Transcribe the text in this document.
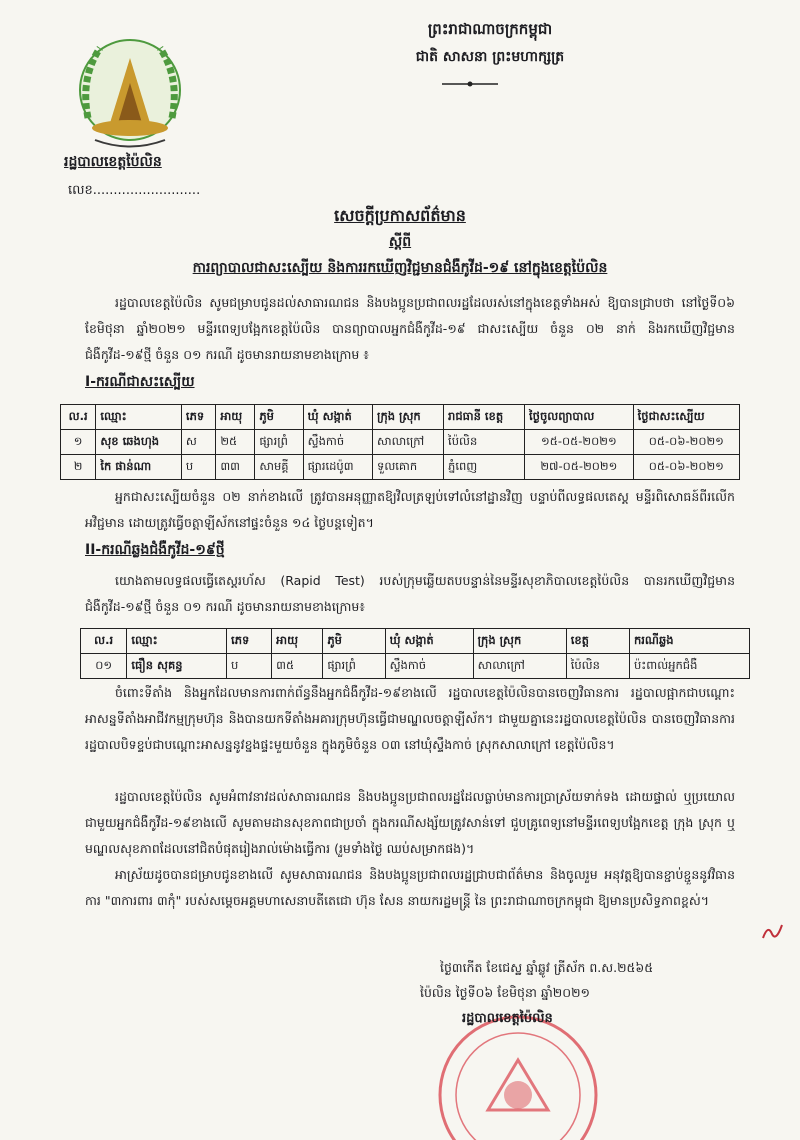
រដ្ឋបាលខេត្តប៉ៃលិន
លេខ..........................
ព្រះរាជាណាចក្រកម្ពុជា
ជាតិ សាសនា ព្រះមហាក្សត្រ
សេចក្តីប្រកាសព័ត៌មាន
ស្តីពី
ការព្យាបាលជាសះស្បើយ និងការរកឃើញវិជ្ជមានជំងឺកូវីដ-១៩ នៅក្នុងខេត្តប៉ៃលិន
រដ្ឋបាលខេត្តប៉ៃលិន សូមជម្រាបជូនដល់សាធារណជន និងបងប្អូនប្រជាពលរដ្ឋដែលរស់នៅក្នុងខេត្តទាំងអស់ ឱ្យបានជ្រាបថា នៅថ្ងៃទី០៦ ខែមិថុនា ឆ្នាំ២០២១ មន្ទីរពេទ្យបង្អែកខេត្តប៉ៃលិន បានព្យាបាលអ្នកជំងឺកូវីដ-១៩ ជាសះស្បើយ ចំនួន ០២ នាក់ និងរកឃើញវិជ្ជមានជំងឺកូវីដ-១៩ថ្មី ចំនួន ០១ ករណី ដូចមានរាយនាមខាងក្រោម ៖
I-ករណីជាសះស្បើយ
ល.រ	ឈ្មោះ	ភេទ	អាយុ	ភូមិ	ឃុំ សង្កាត់	ក្រុង ស្រុក	រាជធានី ខេត្ត	ថ្ងៃចូលព្យាបាល	ថ្ងៃជាសះស្បើយ
១	សុខ ឆេងហុង	ស	២៥	ផ្សារព្រំ	ស្ទឹងកាច់	សាលាក្រៅ	ប៉ៃលិន	១៥-០៥-២០២១	០៥-០៦-២០២១
២	កៃ ផាន់ណា	ប	៣៣	សាមគ្គី	ផ្សារដេប៉ូ៣	ទួលគោក	ភ្នំពេញ	២៧-០៥-២០២១	០៥-០៦-២០២១
អ្នកជាសះស្បើយចំនួន ០២ នាក់ខាងលើ ត្រូវបានអនុញ្ញាតឱ្យវិលត្រឡប់ទៅលំនៅដ្ឋានវិញ បន្ទាប់ពីលទ្ធផលតេស្ត មន្ទីរពិសោធន៍ពីរលើក អវិជ្ជមាន ដោយត្រូវធ្វើចត្តាឡីស័កនៅផ្ទះចំនួន ១៤ ថ្ងៃបន្តទៀត។
II-ករណីឆ្លងជំងឺកូវីដ-១៩ថ្មី
យោងតាមលទ្ធផលធ្វើតេស្តរហ័ស (Rapid Test) របស់ក្រុមឆ្លើយតបបន្ទាន់នៃមន្ទីរសុខាភិបាលខេត្តប៉ៃលិន បានរកឃើញវិជ្ជមានជំងឺកូវីដ-១៩ថ្មី ចំនួន ០១ ករណី ដូចមានរាយនាមខាងក្រោម៖
ល.រ	ឈ្មោះ	ភេទ	អាយុ	ភូមិ	ឃុំ សង្កាត់	ក្រុង ស្រុក	ខេត្ត	ករណីឆ្លង
០១	ធឿន សុគន្ធ	ប	៣៥	ផ្សារព្រំ	ស្ទឹងកាច់	សាលាក្រៅ	ប៉ៃលិន	ប៉ះពាល់អ្នកជំងឺ
ចំពោះទីតាំង និងអ្នកដែលមានការពាក់ព័ន្ធនឹងអ្នកជំងឺកូវីដ-១៩ខាងលើ រដ្ឋបាលខេត្តប៉ៃលិនបានចេញវិធានការ រដ្ឋបាលផ្អាកជាបណ្តោះអាសន្នទីតាំងអាជីវកម្មក្រុមហ៊ុន និងបានយកទីតាំងអគារក្រុមហ៊ុនធ្វើជាមណ្ឌលចត្តាឡីស័ក។ ជាមួយគ្នានេះរដ្ឋបាលខេត្តប៉ៃលិន បានចេញវិធានការរដ្ឋបាលបិទខ្ទប់ជាបណ្តោះអាសន្ននូវខ្នងផ្ទះមួយចំនួន ក្នុងភូមិចំនួន ០៣ នៅឃុំស្ទឹងកាច់ ស្រុកសាលាក្រៅ ខេត្តប៉ៃលិន។
រដ្ឋបាលខេត្តប៉ៃលិន សូមអំពាវនាវដល់សាធារណជន និងបងប្អូនប្រជាពលរដ្ឋដែលធ្លាប់មានការប្រាស្រ័យទាក់ទង ដោយផ្ទាល់ ឬប្រយោលជាមួយអ្នកជំងឺកូវីដ-១៩ខាងលើ សូមតាមដានសុខភាពជាប្រចាំ ក្នុងករណីសង្ស័យត្រូវសាន់ទៅ ជួបគ្រូពេទ្យនៅមន្ទីរពេទ្យបង្អែកខេត្ត ក្រុង ស្រុក ឬមណ្ឌលសុខភាពដែលនៅជិតបំផុតរៀងរាល់ម៉ោងធ្វើការ (រួមទាំងថ្ងៃ ឈប់សម្រាកផង)។
អាស្រ័យដូចបានជម្រាបជូនខាងលើ សូមសាធារណជន និងបងប្អូនប្រជាពលរដ្ឋជ្រាបជាព័ត៌មាន និងចូលរួម អនុវត្តឱ្យបានខ្ជាប់ខ្ជួននូវវិធានការ "៣ការពារ ៣កុំ" របស់សម្តេចអគ្គមហាសេនាបតីតេជោ ហ៊ុន សែន នាយករដ្ឋមន្ត្រី នៃ ព្រះរាជាណាចក្រកម្ពុជា ឱ្យមានប្រសិទ្ធភាពខ្ពស់។
ថ្ងៃ៣កើត ខែជេស្ឋ ឆ្នាំឆ្លូវ ត្រីស័ក ព.ស.២៥៦៥
ប៉ៃលិន ថ្ងៃទី០៦ ខែមិថុនា ឆ្នាំ២០២១
រដ្ឋបាលខេត្តប៉ៃលិន
